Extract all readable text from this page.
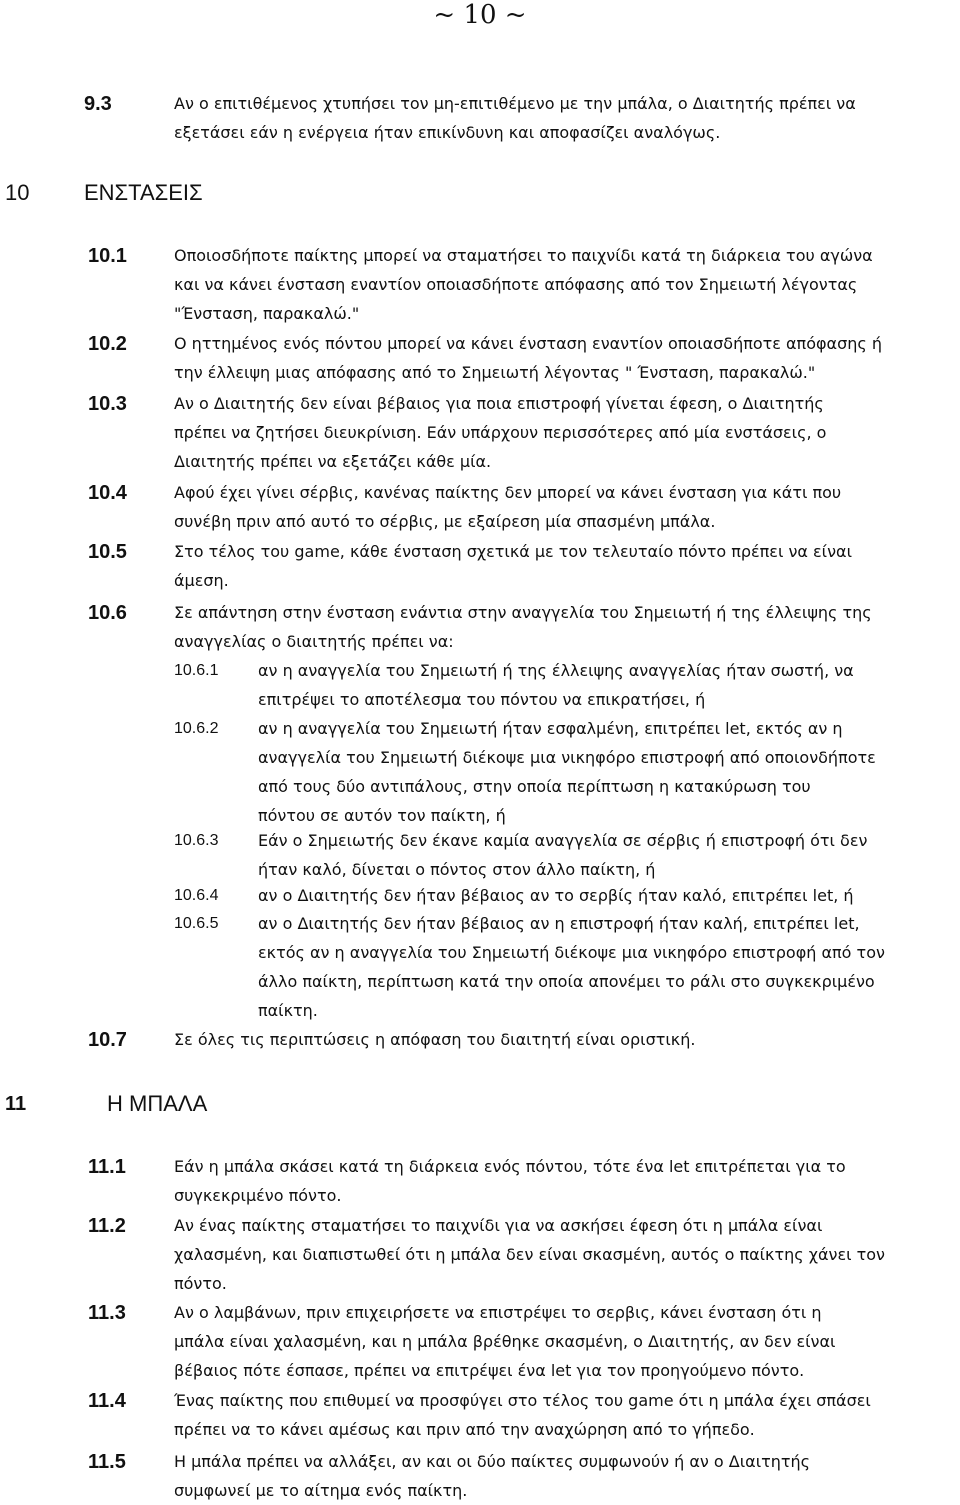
~ 10 ~
9.3	Αν ο επιτιθέμενος χτυπήσει τον μη-επιτιθέμενο με την μπάλα, ο Διαιτητής πρέπει να
εξετάσει εάν η ενέργεια ήταν επικίνδυνη και αποφασίζει αναλόγως.
10 ΕΝΣΤΑΣΕΙΣ
10.1	Οποιοσδήποτε παίκτης μπορεί να σταματήσει το παιχνίδι κατά τη διάρκεια του αγώνα
και να κάνει ένσταση εναντίον οποιασδήποτε απόφασης από τον Σημειωτή λέγοντας
"Ένσταση, παρακαλώ."
10.2	Ο ηττημένος ενός πόντου μπορεί να κάνει ένσταση εναντίον οποιασδήποτε απόφασης ή
την έλλειψη μιας απόφασης από το Σημειωτή λέγοντας " Ένσταση, παρακαλώ."
10.3	Αν ο Διαιτητής δεν είναι βέβαιος για ποια επιστροφή γίνεται έφεση, ο Διαιτητής
πρέπει να ζητήσει διευκρίνιση. Εάν υπάρχουν περισσότερες από μία ενστάσεις, ο
Διαιτητής πρέπει να εξετάζει κάθε μία.
10.4	Αφού έχει γίνει σέρβις, κανένας παίκτης δεν μπορεί να κάνει ένσταση για κάτι που
συνέβη πριν από αυτό το σέρβις, με εξαίρεση μία σπασμένη μπάλα.
10.5	Στο τέλος του game, κάθε ένσταση σχετικά με τον τελευταίο πόντο πρέπει να είναι
άμεση.
10.6	Σε απάντηση στην ένσταση ενάντια στην αναγγελία του Σημειωτή ή της έλλειψης της
αναγγελίας ο διαιτητής πρέπει να:
10.6.1 αν η αναγγελία του Σημειωτή ή της έλλειψης αναγγελίας ήταν σωστή, να
επιτρέψει το αποτέλεσμα του πόντου να επικρατήσει, ή
10.6.2 αν η αναγγελία του Σημειωτή ήταν εσφαλμένη, επιτρέπει let, εκτός αν η
αναγγελία του Σημειωτή διέκοψε μια νικηφόρο επιστροφή από οποιονδήποτε
από τους δύο αντιπάλους, στην οποία περίπτωση η κατακύρωση του
πόντου σε αυτόν τον παίκτη, ή
10.6.3 Εάν ο Σημειωτής δεν έκανε καμία αναγγελία σε σέρβις ή επιστροφή ότι δεν
ήταν καλό, δίνεται ο πόντος στον άλλο παίκτη, ή
10.6.4 αν ο Διαιτητής δεν ήταν βέβαιος αν το σερβίς ήταν καλό, επιτρέπει let, ή
10.6.5 αν ο Διαιτητής δεν ήταν βέβαιος αν η επιστροφή ήταν καλή, επιτρέπει let,
εκτός αν η αναγγελία του Σημειωτή διέκοψε μια νικηφόρο επιστροφή από τον
άλλο παίκτη, περίπτωση κατά την οποία απονέμει το ράλι στο συγκεκριμένο
παίκτη.
10.7	Σε όλες τις περιπτώσεις η απόφαση του διαιτητή είναι οριστική.
11	Η ΜΠΑΛΑ
11.1	Εάν η μπάλα σκάσει κατά τη διάρκεια ενός πόντου, τότε ένα let επιτρέπεται για το
συγκεκριμένο πόντο.
11.2	Αν ένας παίκτης σταματήσει το παιχνίδι για να ασκήσει έφεση ότι η μπάλα είναι
χαλασμένη, και διαπιστωθεί ότι η μπάλα δεν είναι σκασμένη, αυτός ο παίκτης χάνει τον
πόντο.
11.3	Αν ο λαμβάνων, πριν επιχειρήσετε να επιστρέψει το σερβις, κάνει ένσταση ότι η
μπάλα είναι χαλασμένη, και η μπάλα βρέθηκε σκασμένη, ο Διαιτητής, αν δεν είναι
βέβαιος πότε έσπασε, πρέπει να επιτρέψει ένα let για τον προηγούμενο πόντο.
11.4	Ένας παίκτης που επιθυμεί να προσφύγει στο τέλος του game ότι η μπάλα έχει σπάσει
πρέπει να το κάνει αμέσως και πριν από την αναχώρηση από το γήπεδο.
11.5	Η μπάλα πρέπει να αλλάξει, αν και οι δύο παίκτες συμφωνούν ή αν ο Διαιτητής
συμφωνεί με το αίτημα ενός παίκτη.
